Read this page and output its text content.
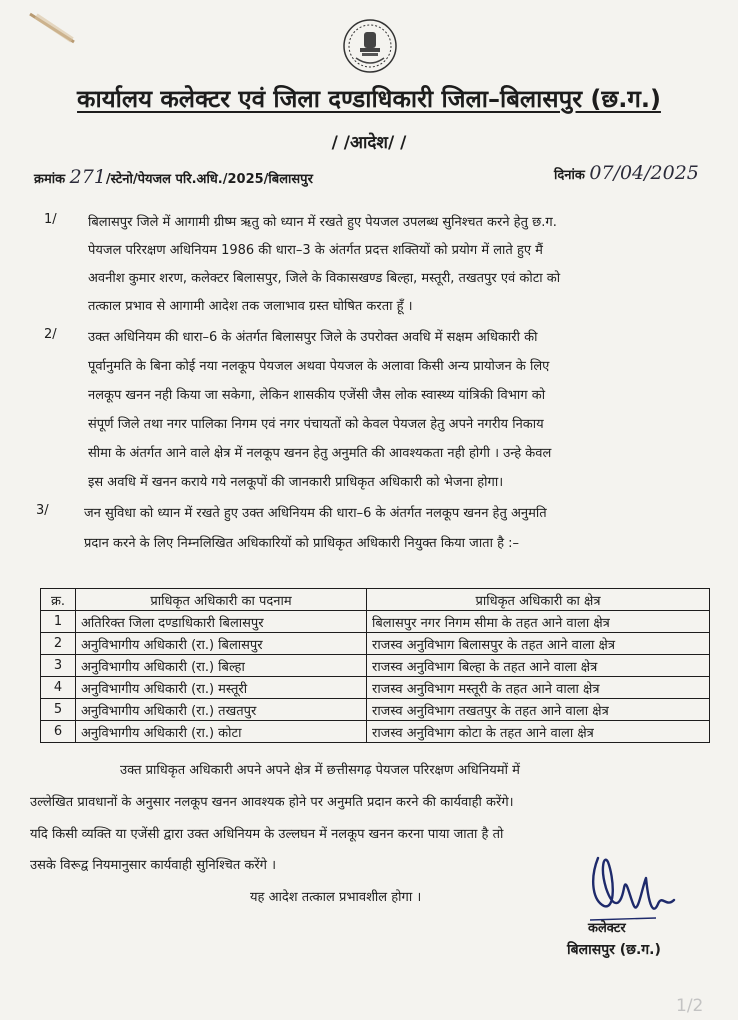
कार्यालय कलेक्टर एवं जिला दण्डाधिकारी जिला–बिलासपुर (छ.ग.)
/ /आदेश/ /
क्रमांक 271/स्टेनो/पेयजल परि.अधि./2025/बिलासपुर	दिनांक 07/04/2025
1/	बिलासपुर जिले में आगामी ग्रीष्म ऋतु को ध्यान में रखते हुए पेयजल उपलब्ध सुनिश्चत करने हेतु छ.ग.
पेयजल परिरक्षण अधिनियम 1986 की धारा–3 के अंतर्गत प्रदत्त शक्तियों को प्रयोग में लाते हुए मैं
अवनीश कुमार शरण, कलेक्टर बिलासपुर, जिले के विकासखण्ड बिल्हा, मस्तूरी, तखतपुर एवं कोटा को
तत्काल प्रभाव से आगामी आदेश तक जलाभाव ग्रस्त घोषित करता हूँ ।
2/	उक्त अधिनियम की धारा–6 के अंतर्गत बिलासपुर जिले के उपरोक्त अवधि में सक्षम अधिकारी की
पूर्वानुमति के बिना कोई नया नलकूप पेयजल अथवा पेयजल के अलावा किसी अन्य प्रायोजन के लिए
नलकूप खनन नही किया जा सकेगा, लेकिन शासकीय एजेंसी जैस लोक स्वास्थ्य यांत्रिकी विभाग को
संपूर्ण जिले तथा नगर पालिका निगम एवं नगर पंचायतों को केवल पेयजल हेतु अपने नगरीय निकाय
सीमा के अंतर्गत आने वाले क्षेत्र में नलकूप खनन हेतु अनुमति की आवश्यकता नही होगी । उन्हे केवल
इस अवधि में खनन कराये गये नलकूपों की जानकारी प्राधिकृत अधिकारी को भेजना होगा।
3/	जन सुविधा को ध्यान में रखते हुए उक्त अधिनियम की धारा–6 के अंतर्गत नलकूप खनन हेतु अनुमति
प्रदान करने के लिए निम्नलिखित अधिकारियों को प्राधिकृत अधिकारी नियुक्त किया जाता है :–
क्र.	प्राधिकृत अधिकारी का पदनाम	प्राधिकृत अधिकारी का क्षेत्र
1	अतिरिक्त जिला दण्डाधिकारी बिलासपुर	बिलासपुर नगर निगम सीमा के तहत आने वाला क्षेत्र
2	अनुविभागीय अधिकारी (रा.) बिलासपुर	राजस्व अनुविभाग बिलासपुर के तहत आने वाला क्षेत्र
3	अनुविभागीय अधिकारी (रा.) बिल्हा	राजस्व अनुविभाग बिल्हा के तहत आने वाला क्षेत्र
4	अनुविभागीय अधिकारी (रा.) मस्तूरी	राजस्व अनुविभाग मस्तूरी के तहत आने वाला क्षेत्र
5	अनुविभागीय अधिकारी (रा.) तखतपुर	राजस्व अनुविभाग तखतपुर के तहत आने वाला क्षेत्र
6	अनुविभागीय अधिकारी (रा.) कोटा	राजस्व अनुविभाग कोटा के तहत आने वाला क्षेत्र
उक्त प्राधिकृत अधिकारी अपने अपने क्षेत्र में छत्तीसगढ़ पेयजल परिरक्षण अधिनियमों में
उल्लेखित प्रावधानों के अनुसार नलकूप खनन आवश्यक होने पर अनुमति प्रदान करने की कार्यवाही करेंगे।
यदि किसी व्यक्ति या एजेंसी द्वारा उक्त अधिनियम के उल्लघन में नलकूप खनन करना पाया जाता है तो
उसके विरूद्व नियमानुसार कार्यवाही सुनिश्चित करेंगे ।
यह आदेश तत्काल प्रभावशील होगा ।
कलेक्टर
बिलासपुर (छ.ग.)
1/2
